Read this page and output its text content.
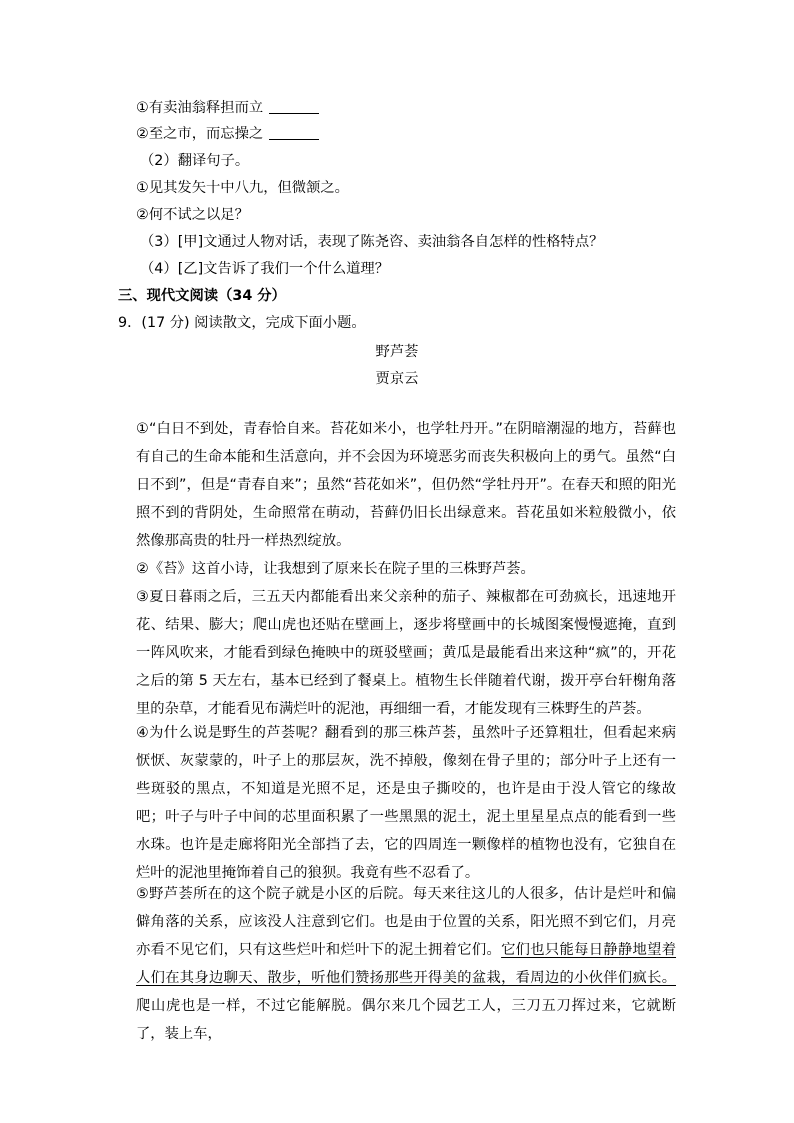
①有卖油翁释担而立
②至之市，而忘操之
（2）翻译句子。
①见其发矢十中八九，但微颔之。
②何不试之以足？
（3）[甲]文通过人物对话，表现了陈尧咨、卖油翁各自怎样的性格特点？
（4）[乙]文告诉了我们一个什么道理？
三、现代文阅读（34 分）
9．(17 分) 阅读散文，完成下面小题。
野芦荟
贾京云
①“白日不到处，青春恰自来。苔花如米小，也学牡丹开。”在阴暗潮湿的地方，苔藓也有自己的生命本能和生活意向，并不会因为环境恶劣而丧失积极向上的勇气。虽然“白日不到”，但是“青春自来”；虽然“苔花如米”，但仍然“学牡丹开”。在春天和照的阳光照不到的背阴处，生命照常在萌动，苔藓仍旧长出绿意来。苔花虽如米粒般微小，依然像那高贵的牡丹一样热烈绽放。
②《苔》这首小诗，让我想到了原来长在院子里的三株野芦荟。
③夏日暮雨之后，三五天内都能看出来父亲种的茄子、辣椒都在可劲疯长，迅速地开花、结果、膨大；爬山虎也还贴在壁画上，逐步将壁画中的长城图案慢慢遮掩，直到一阵风吹来，才能看到绿色掩映中的斑驳壁画；黄瓜是最能看出来这种“疯”的，开花之后的第 5 天左右，基本已经到了餐桌上。植物生长伴随着代谢，拨开亭台轩榭角落里的杂草，才能看见布满烂叶的泥池，再细细一看，才能发现有三株野生的芦荟。
④为什么说是野生的芦荟呢？翻看到的那三株芦荟，虽然叶子还算粗壮，但看起来病恹恹、灰蒙蒙的，叶子上的那层灰，洗不掉般，像刻在骨子里的；部分叶子上还有一些斑驳的黑点，不知道是光照不足，还是虫子撕咬的，也许是由于没人管它的缘故吧；叶子与叶子中间的芯里面积累了一些黑黑的泥土，泥土里星星点点的能看到一些水珠。也许是走廊将阳光全部挡了去，它的四周连一颗像样的植物也没有，它独自在烂叶的泥池里掩饰着自己的狼狈。我竟有些不忍看了。
⑤野芦荟所在的这个院子就是小区的后院。每天来往这儿的人很多，估计是烂叶和偏僻角落的关系，应该没人注意到它们。也是由于位置的关系，阳光照不到它们，月亮亦看不见它们，只有这些烂叶和烂叶下的泥土拥着它们。它们也只能每日静静地望着人们在其身边聊天、散步，听他们赞扬那些开得美的盆栽，看周边的小伙伴们疯长。爬山虎也是一样，不过它能解脱。偶尔来几个园艺工人，三刀五刀挥过来，它就断了，装上车，
